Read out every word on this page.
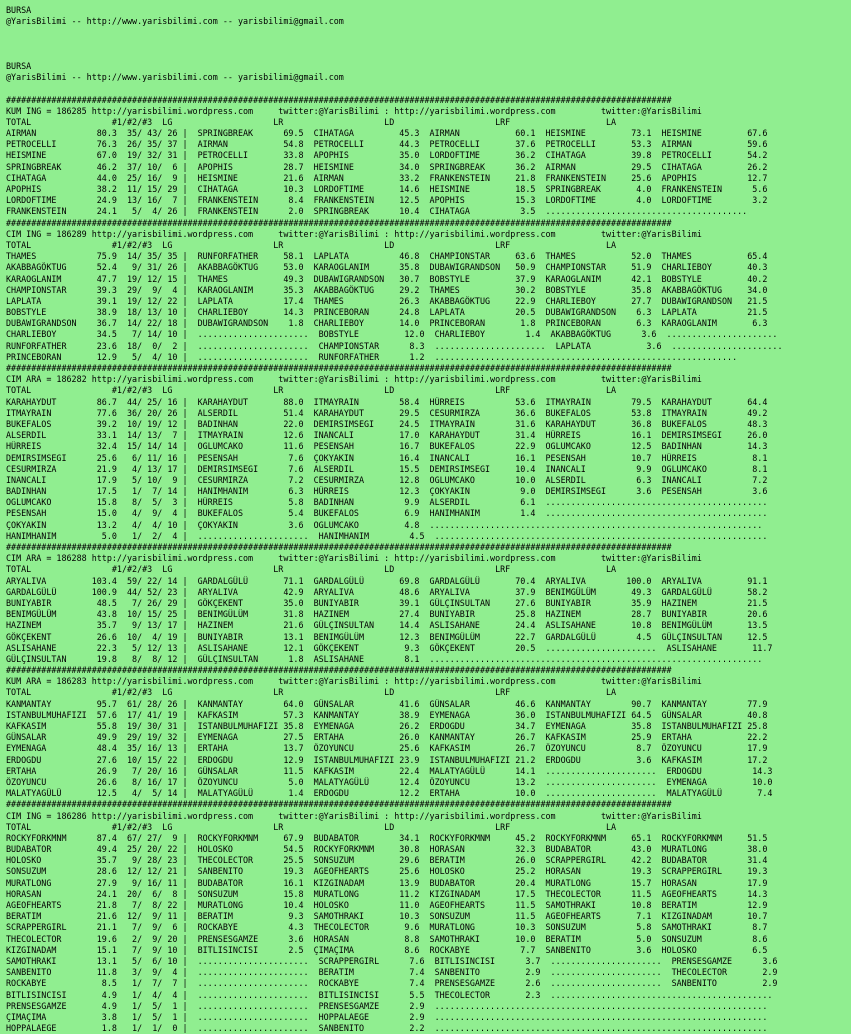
BURSA
@YarisBilimi -- http://www.yarisbilimi.com -- yarisbilimi@gmail.com

BURSA
@YarisBilimi -- http://www.yarisbilimi.com -- yarisbilimi@gmail.com

####################################################################################################################################
KUM ING = 186285 http://yarisbilimi.wordpress.com     twitter:@YarisBilimi : http://yarisbilimi.wordpress.com         twitter:@YarisBilimi
TOTAL                #1/#2/#3  LG                    LR                    LD                    LRF                   LA
AIRMAN            80.3  35/ 43/ 26 |  SPRINGBREAK      69.5  CIHATAGA         45.3  AIRMAN           60.1  HEISMINE         73.1  HEISMINE         67.6
PETROCELLI        76.3  26/ 35/ 37 |  AIRMAN           54.8  PETROCELLI       44.3  PETROCELLI       37.6  PETROCELLI       53.3  AIRMAN           59.6
HEISMINE          67.0  19/ 32/ 31 |  PETROCELLI       33.8  APOPHIS          35.0  LORDOFTIME       36.2  CIHATAGA         39.8  PETROCELLI       54.2
SPRINGBREAK       46.2  37/ 10/  6 |  APOPHIS          28.7  HEISMINE         34.0  SPRINGBREAK      36.2  AIRMAN           29.5  CIHATAGA         26.2
CIHATAGA          44.0  25/ 16/  9 |  HEISMINE         21.6  AIRMAN           33.2  FRANKENSTEIN     21.8  FRANKENSTEIN     25.6  APOPHIS          12.7
APOPHIS           38.2  11/ 15/ 29 |  CIHATAGA         10.3  LORDOFTIME       14.6  HEISMINE         18.5  SPRINGBREAK       4.0  FRANKENSTEIN      5.6
LORDOFTIME        24.9  13/ 16/  7 |  FRANKENSTEIN      8.4  FRANKENSTEIN     12.5  APOPHIS          15.3  LORDOFTIME        4.0  LORDOFTIME        3.2
FRANKENSTEIN      24.1   5/  4/ 26 |  FRANKENSTEIN      2.0  SPRINGBREAK      10.4  CIHATAGA          3.5  ........................................
####################################################################################################################################
CIM ING = 186289 http://yarisbilimi.wordpress.com     twitter:@YarisBilimi : http://yarisbilimi.wordpress.com         twitter:@YarisBilimi
TOTAL                #1/#2/#3  LG                    LR                    LD                    LRF                   LA
THAMES            75.9  14/ 35/ 35 |  RUNFORFATHER     58.1  LAPLATA          46.8  CHAMPIONSTAR     63.6  THAMES           52.0  THAMES           65.4
AKABBAGÖKTUG      52.4   9/ 31/ 26 |  AKABBAGÖKTUG     53.0  KARAOGLANIM      35.8  DUBAWIGRANDSON   50.9  CHAMPIONSTAR     51.9  CHARLIEBOY       40.3
KARAOGLANIM       47.7  19/ 12/ 15 |  THAMES           49.3  DUBAWIGRANDSON   30.7  BOBSTYLE         37.9  KARAOGLANIM      42.1  BOBSTYLE         40.2
CHAMPIONSTAR      39.3  29/  9/  4 |  KARAOGLANIM      35.3  AKABBAGÖKTUG     29.2  THAMES           30.2  BOBSTYLE         35.8  AKABBAGÖKTUG     34.0
LAPLATA           39.1  19/ 12/ 22 |  LAPLATA          17.4  THAMES           26.3  AKABBAGÖKTUG     22.9  CHARLIEBOY       27.7  DUBAWIGRANDSON   21.5
BOBSTYLE          38.9  18/ 13/ 10 |  CHARLIEBOY       14.3  PRINCEBORAN      24.8  LAPLATA          20.5  DUBAWIGRANDSON    6.3  LAPLATA          21.5
DUBAWIGRANDSON    36.7  14/ 22/ 18 |  DUBAWIGRANDSON    1.8  CHARLIEBOY       14.0  PRINCEBORAN       1.8  PRINCEBORAN       6.3  KARAOGLANIM       6.3
CHARLIEBOY        34.5   7/ 14/ 10 |  ......................  BOBSTYLE         12.0  CHARLIEBOY        1.4  AKABBAGÖKTUG      3.6  ......................
RUNFORFATHER      23.6  18/  0/  2 |  ......................  CHAMPIONSTAR      8.3  ......................  LAPLATA           3.6  ......................
PRINCEBORAN       12.9   5/  4/ 10 |  ......................  RUNFORFATHER      1.2  ............................................................
####################################################################################################################################
CIM ARA = 186282 http://yarisbilimi.wordpress.com     twitter:@YarisBilimi : http://yarisbilimi.wordpress.com         twitter:@YarisBilimi
TOTAL                #1/#2/#3  LG                    LR                    LD                    LRF                   LA
KARAHAYDUT        86.7  44/ 25/ 16 |  KARAHAYDUT       88.0  ITMAYRAIN        58.4  HÜRREIS          53.6  ITMAYRAIN        79.5  KARAHAYDUT       64.4
ITMAYRAIN         77.6  36/ 20/ 26 |  ALSERDIL         51.4  KARAHAYDUT       29.5  CESURMIRZA       36.6  BUKEFALOS        53.8  ITMAYRAIN        49.2
BUKEFALOS         39.2  10/ 19/ 12 |  BADINHAN         22.0  DEMIRSIMSEGI     24.5  ITMAYRAIN        31.6  KARAHAYDUT       36.8  BUKEFALOS        48.3
ALSERDIL          33.1  14/ 13/  7 |  ITMAYRAIN        12.6  INANCALI         17.0  KARAHAYDUT       31.4  HÜRREIS          16.1  DEMIRSIMSEGI     26.0
HÜRREIS           32.4  15/ 14/ 14 |  OGLUMCAKO        11.6  PESENSAH         16.7  BUKEFALOS        22.9  OGLUMCAKO        12.5  BADINHAN         14.3
DEMIRSIMSEGI      25.6   6/ 11/ 16 |  PESENSAH          7.6  ÇOKYAKIN         16.4  INANCALI         16.1  PESENSAH         10.7  HÜRREIS           8.1
CESURMIRZA        21.9   4/ 13/ 17 |  DEMIRSIMSEGI      7.6  ALSERDIL         15.5  DEMIRSIMSEGI     10.4  INANCALI          9.9  OGLUMCAKO         8.1
INANCALI          17.9   5/ 10/  9 |  CESURMIRZA        7.2  CESURMIRZA       12.8  OGLUMCAKO        10.0  ALSERDIL          6.3  INANCALI          7.2
BADINHAN          17.5   1/  7/ 14 |  HANIMHANIM        6.3  HÜRREIS          12.3  ÇOKYAKIN          9.0  DEMIRSIMSEGI      3.6  PESENSAH          3.6
OGLUMCAKO         15.8   8/  5/  3 |  HÜRREIS           5.8  BADINHAN          9.9  ALSERDIL          6.1  ............................................
PESENSAH          15.0   4/  9/  4 |  BUKEFALOS         5.4  BUKEFALOS         6.9  HANIMHANIM        1.4  ............................................
ÇOKYAKIN          13.2   4/  4/ 10 |  ÇOKYAKIN          3.6  OGLUMCAKO         4.8  ..................................................................
HANIMHANIM         5.0   1/  2/  4 |  ......................  HANIMHANIM        4.5  ..................................................................
####################################################################################################################################
CIM ARA = 186288 http://yarisbilimi.wordpress.com     twitter:@YarisBilimi : http://yarisbilimi.wordpress.com         twitter:@YarisBilimi
TOTAL                #1/#2/#3  LG                    LR                    LD                    LRF                   LA
ARYALIVA         103.4  59/ 22/ 14 |  GARDALGÜLÜ       71.1  GARDALGÜLÜ       69.8  GARDALGÜLÜ       70.4  ARYALIVA        100.0  ARYALIVA         91.1
GARDALGÜLÜ       100.9  44/ 52/ 23 |  ARYALIVA         42.9  ARYALIVA         48.6  ARYALIVA         37.9  BENIMGÜLÜM       49.3  GARDALGÜLÜ       58.2
BUNIYABIR         48.5   7/ 26/ 29 |  GÖKÇEKENT        35.0  BUNIYABIR        39.1  GÜLÇINSULTAN     27.6  BUNIYABIR        35.9  HAZINEM          21.5
BENIMGÜLÜM        43.8  10/ 15/ 25 |  BENIMGÜLÜM       31.8  HAZINEM          27.4  BUNIYABIR        25.8  HAZINEM          28.7  BUNIYABIR        20.6
HAZINEM           35.7   9/ 13/ 17 |  HAZINEM          21.6  GÜLÇINSULTAN     14.4  ASLISAHANE       24.4  ASLISAHANE       10.8  BENIMGÜLÜM       13.5
GÖKÇEKENT         26.6  10/  4/ 19 |  BUNIYABIR        13.1  BENIMGÜLÜM       12.3  BENIMGÜLÜM       22.7  GARDALGÜLÜ        4.5  GÜLÇINSULTAN     12.5
ASLISAHANE        22.3   5/ 12/ 13 |  ASLISAHANE       12.1  GÖKÇEKENT         9.3  GÖKÇEKENT        20.5  ......................  ASLISAHANE       11.7
GÜLÇINSULTAN      19.8   8/  8/ 12 |  GÜLÇINSULTAN      1.8  ASLISAHANE        8.1  ..................................................................
####################################################################################################################################
KUM ARA = 186283 http://yarisbilimi.wordpress.com     twitter:@YarisBilimi : http://yarisbilimi.wordpress.com         twitter:@YarisBilimi
TOTAL                #1/#2/#3  LG                    LR                    LD                    LRF                   LA
KANMANTAY         95.7  61/ 28/ 26 |  KANMANTAY        64.0  GÜNSALAR         41.6  GÜNSALAR         46.6  KANMANTAY        90.7  KANMANTAY        77.9
ISTANBULMUHAFIZI  57.6  17/ 41/ 19 |  KAFKASIM         57.3  KANMANTAY        38.9  EYMENAGA         36.0  ISTANBULMUHAFIZI 64.5  GÜNSALAR         40.8
KAFKASIM          55.8  19/ 30/ 31 |  ISTANBULMUHAFIZI 35.8  EYMENAGA         26.2  ERDOGDU          34.7  EYMENAGA         35.8  ISTANBULMUHAFIZI 25.8
GÜNSALAR          49.9  29/ 19/ 32 |  EYMENAGA         27.5  ERTAHA           26.0  KANMANTAY        26.7  KAFKASIM         25.9  ERTAHA           22.2
EYMENAGA          48.4  35/ 16/ 13 |  ERTAHA           13.7  ÖZOYUNCU         25.6  KAFKASIM         26.7  ÖZOYUNCU          8.7  ÖZOYUNCU         17.9
ERDOGDU           27.6  10/ 15/ 22 |  ERDOGDU          12.9  ISTANBULMUHAFIZI 23.9  ISTANBULMUHAFIZI 21.2  ERDOGDU           3.6  KAFKASIM         17.2
ERTAHA            26.9   7/ 20/ 16 |  GÜNSALAR         11.5  KAFKASIM         22.4  MALATYAGÜLÜ      14.1  ......................  ERDOGDU          14.3
ÖZOYUNCU          26.6   8/ 16/ 17 |  ÖZOYUNCU          5.0  MALATYAGÜLÜ      12.4  ÖZOYUNCU         13.2  ......................  EYMENAGA         10.0
MALATYAGÜLÜ       12.5   4/  5/ 14 |  MALATYAGÜLÜ       1.4  ERDOGDU          12.2  ERTAHA           10.0  ......................  MALATYAGÜLÜ       7.4
####################################################################################################################################
CIM ING = 186286 http://yarisbilimi.wordpress.com     twitter:@YarisBilimi : http://yarisbilimi.wordpress.com         twitter:@YarisBilimi
TOTAL                #1/#2/#3  LG                    LR                    LD                    LRF                   LA
ROCKYFORKMNM      87.4  67/ 27/  9 |  ROCKYFORKMNM     67.9  BUDABATOR        34.1  ROCKYFORKMNM     45.2  ROCKYFORKMNM     65.1  ROCKYFORKMNM     51.5
BUDABATOR         49.4  25/ 20/ 22 |  HOLOSKO          54.5  ROCKYFORKMNM     30.8  HORASAN          32.3  BUDABATOR        43.0  MURATLONG        38.0
HOLOSKO           35.7   9/ 28/ 23 |  THECOLECTOR      25.5  SONSUZUM         29.6  BERATIM          26.0  SCRAPPERGIRL     42.2  BUDABATOR        31.4
SONSUZUM          28.6  12/ 12/ 21 |  SANBENITO        19.3  AGEOFHEARTS      25.6  HOLOSKO          25.2  HORASAN          19.3  SCRAPPERGIRL     19.3
MURATLONG         27.9   9/ 16/ 11 |  BUDABATOR        16.1  KIZGINADAM       13.9  BUDABATOR        20.4  MURATLONG        15.7  HORASAN          17.9
HORASAN           24.1  20/  6/  8 |  SONSUZUM         15.8  MURATLONG        11.2  KIZGINADAM       17.5  THECOLECTOR      11.5  AGEOFHEARTS      14.3
AGEOFHEARTS       21.8   7/  8/ 22 |  MURATLONG        10.4  HOLOSKO          11.0  AGEOFHEARTS      11.5  SAMOTHRAKI       10.8  BERATIM          12.9
BERATIM           21.6  12/  9/ 11 |  BERATIM           9.3  SAMOTHRAKI       10.3  SONSUZUM         11.5  AGEOFHEARTS       7.1  KIZGINADAM       10.7
SCRAPPERGIRL      21.1   7/  9/  6 |  ROCKABYE          4.3  THECOLECTOR       9.6  MURATLONG        10.3  SONSUZUM          5.8  SAMOTHRAKI        8.7
THECOLECTOR       19.6   2/  9/ 20 |  PRENSESGAMZE      3.6  HORASAN           8.8  SAMOTHRAKI       10.0  BERATIM           5.0  SONSUZUM          8.6
KIZGINADAM        15.1   7/  9/ 10 |  BITLISINCISI      2.5  ÇIMAÇIMA          8.6  ROCKABYE          7.7  SANBENITO         3.6  HOLOSKO           6.5
SAMOTHRAKI        13.1   5/  6/ 10 |  ......................  SCRAPPERGIRL      7.6  BITLISINCISI      3.7  ......................  PRENSESGAMZE      3.6
SANBENITO         11.8   3/  9/  4 |  ......................  BERATIM           7.4  SANBENITO         2.9  ......................  THECOLECTOR       2.9
ROCKABYE           8.5   1/  7/  7 |  ......................  ROCKABYE          7.4  PRENSESGAMZE      2.6  ......................  SANBENITO         2.9
BITLISINCISI       4.9   1/  4/  4 |  ......................  BITLISINCISI      5.5  THECOLECTOR       2.3  ............................................
PRENSESGAMZE       4.9   1/  5/  1 |  ......................  PRENSESGAMZE      2.9  ..................................................................
ÇIMAÇIMA           3.8   1/  5/  1 |  ......................  HOPPALAEGE        2.9  ..................................................................
HOPPALAEGE         1.8   1/  1/  0 |  ......................  SANBENITO         2.2  ..................................................................
